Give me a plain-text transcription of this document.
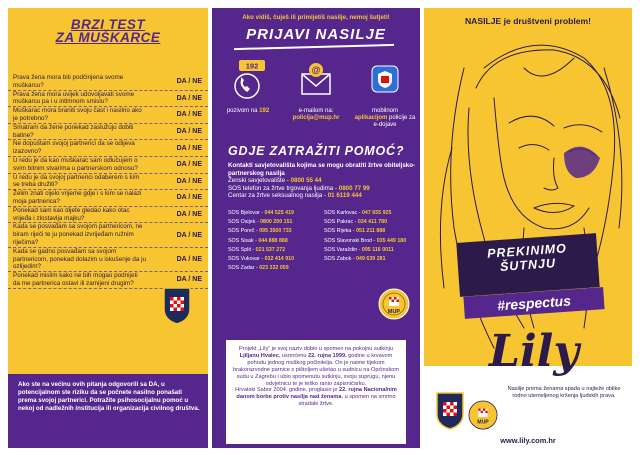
BRZI TEST
ZA MUŠKARCE
Prava žena mora biti podčinjena svome muškarcu?	DA / NE
Prava žena mora uvijek udovoljavati svome muškarcu pa i u intimnom smislu?	DA / NE
Muškarac mora braniti svoju čast i nasilno ako je potrebno?	DA / NE
Smatram da žene ponekad zaslužuju dobiti batine?	DA / NE
Ne dopuštam svojoj partnerici da se odijeva izazovno?	DA / NE
U redu je da kao muškarac sam odlučujem o svim bitnim stvarima u partnerskom odnosu?	DA / NE
U redu je da svojoj partnerici odaberem s kim se treba družiti?	DA / NE
Želim znati cijelo vrijeme gdje i s kim se nalazi moja partnerica?	DA / NE
Ponekad sam kao dijete gledao kako otac vrijeđa i zlostavlja majku?	DA / NE
Kada se posvađam sa svojom partnericom, ne biram riječi te ju ponekad izvrijeđam ružnim riječima?
DA / NE
Kada se gadno posvađam sa svojom partnericom, ponekad dolazim u iskušenje da ju ozlijedim?
DA / NE
Ponekad mislim kako ne bih mogao podnijeti da me partnerica ostavi ili zamijeni drugim?	DA / NE
Ako ste na većinu ovih pitanja odgovorili sa DA, u potencijalnom ste riziku da se počnete nasilno ponašati prema svojoj partnerici. Potražite psihosocijalnu pomoć u nekoj od nadležnih institucija ili organizacija civilnog društva.
Ako vidiš, čuješ ili primijetiš nasilje, nemoj šutjeti!
PRIJAVI NASILJE
192
pozivom na 192
@
e-mailom na:
policija@mup.hr
mobilnom
aplikacijom policije za e-dojave
GDJE ZATRAŽITI POMOĆ?
Kontakti savjetovališta kojima se mogu obratiti žrtve obiteljsko-partnerskog nasilja
Ženski savjetovalište - 0800 55 44
SOS telefon za žrtve trgovanja ljudima - 0800 77 99
Centar za žrtve seksualnog nasilja - 01 6119 444
SOS Bjelovar - 044 525 419	SOS Karlovac - 047 655 925
SOS Osijek - 0800 200 151	SOS Pakrac - 034 411 780
SOS Poreč - 095 3500 733	SOS Rijeka - 051 211 888
SOS Sisak - 044 888 888	SOS Slavonski Brod - 035 449 180
SOS Split - 021 537 272	SOS Varaždin - 095 116 0011
SOS Vukovar - 032 414 910	SOS Zabok - 049 639 281
SOS Zadar - 023 332 059
MUP
Projekt „Lily“ je svoj naziv dobio u spomen na pokojnu sutkinju Ljiljanu Hvalec, usmrćenu 22. rujna 1999. godine u krvavom pohodu jednog muškog počinitelja. On je naime tijekom brakorazvodne parnice s pištoljem ušetao u sudnicu na Općinskom sudu u Zagrebu i ubio spomenutu sutkinju, svoju suprugu, njenu odvjetnicu te je teško ranio zapisničarku.
Hrvatski Sabor 2004. godine, proglasio je 22. rujna Nacionalnim danom borbe protiv nasilja nad ženama, u spomen na smrtno stradale žrtve.
NASILJE je društveni problem!
PREKINIMO
ŠUTNJU
#respectus
Lily
MUP
Nasilje prema ženama spada u najteže oblike rodno utemeljenog kršenja ljudskih prava.
www.lily.com.hr
